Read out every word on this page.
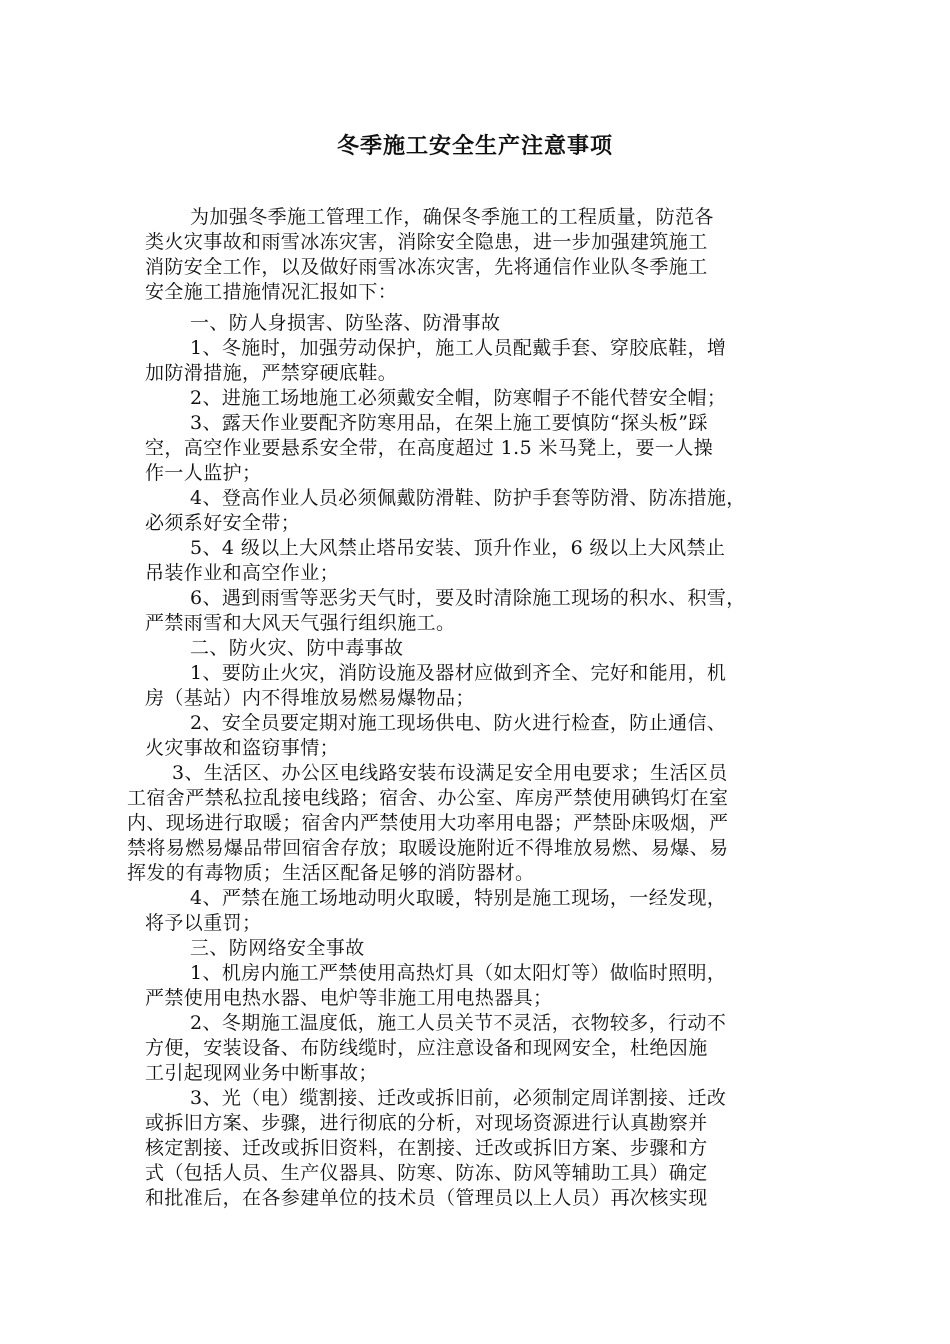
冬季施工安全生产注意事项
为加强冬季施工管理工作，确保冬季施工的工程质量，防范各
类火灾事故和雨雪冰冻灾害，消除安全隐患，进一步加强建筑施工
消防安全工作，以及做好雨雪冰冻灾害，先将通信作业队冬季施工
安全施工措施情况汇报如下：
一、防人身损害、防坠落、防滑事故
1、冬施时，加强劳动保护，施工人员配戴手套、穿胶底鞋，增
加防滑措施，严禁穿硬底鞋。
2、进施工场地施工必须戴安全帽，防寒帽子不能代替安全帽；
3、露天作业要配齐防寒用品，在架上施工要慎防“探头板”踩
空，高空作业要悬系安全带，在高度超过 1.5 米马凳上，要一人操
作一人监护；
4、登高作业人员必须佩戴防滑鞋、防护手套等防滑、防冻措施，
必须系好安全带；
5、4 级以上大风禁止塔吊安装、顶升作业，6 级以上大风禁止
吊装作业和高空作业；
6、遇到雨雪等恶劣天气时，要及时清除施工现场的积水、积雪，
严禁雨雪和大风天气强行组织施工。
二、防火灾、防中毒事故
1、要防止火灾，消防设施及器材应做到齐全、完好和能用，机
房（基站）内不得堆放易燃易爆物品；
2、安全员要定期对施工现场供电、防火进行检查，防止通信、
火灾事故和盗窃事情；
3、生活区、办公区电线路安装布设满足安全用电要求；生活区员
工宿舍严禁私拉乱接电线路；宿舍、办公室、库房严禁使用碘钨灯在室
内、现场进行取暖；宿舍内严禁使用大功率用电器；严禁卧床吸烟，严
禁将易燃易爆品带回宿舍存放；取暖设施附近不得堆放易燃、易爆、易
挥发的有毒物质；生活区配备足够的消防器材。
4、严禁在施工场地动明火取暖，特别是施工现场，一经发现，
将予以重罚；
三、防网络安全事故
1、机房内施工严禁使用高热灯具（如太阳灯等）做临时照明，
严禁使用电热水器、电炉等非施工用电热器具；
2、冬期施工温度低，施工人员关节不灵活，衣物较多，行动不
方便，安装设备、布防线缆时，应注意设备和现网安全，杜绝因施
工引起现网业务中断事故；
3、光（电）缆割接、迁改或拆旧前，必须制定周详割接、迁改
或拆旧方案、步骤，进行彻底的分析，对现场资源进行认真勘察并
核定割接、迁改或拆旧资料，在割接、迁改或拆旧方案、步骤和方
式（包括人员、生产仪器具、防寒、防冻、防风等辅助工具）确定
和批准后，在各参建单位的技术员（管理员以上人员）再次核实现
